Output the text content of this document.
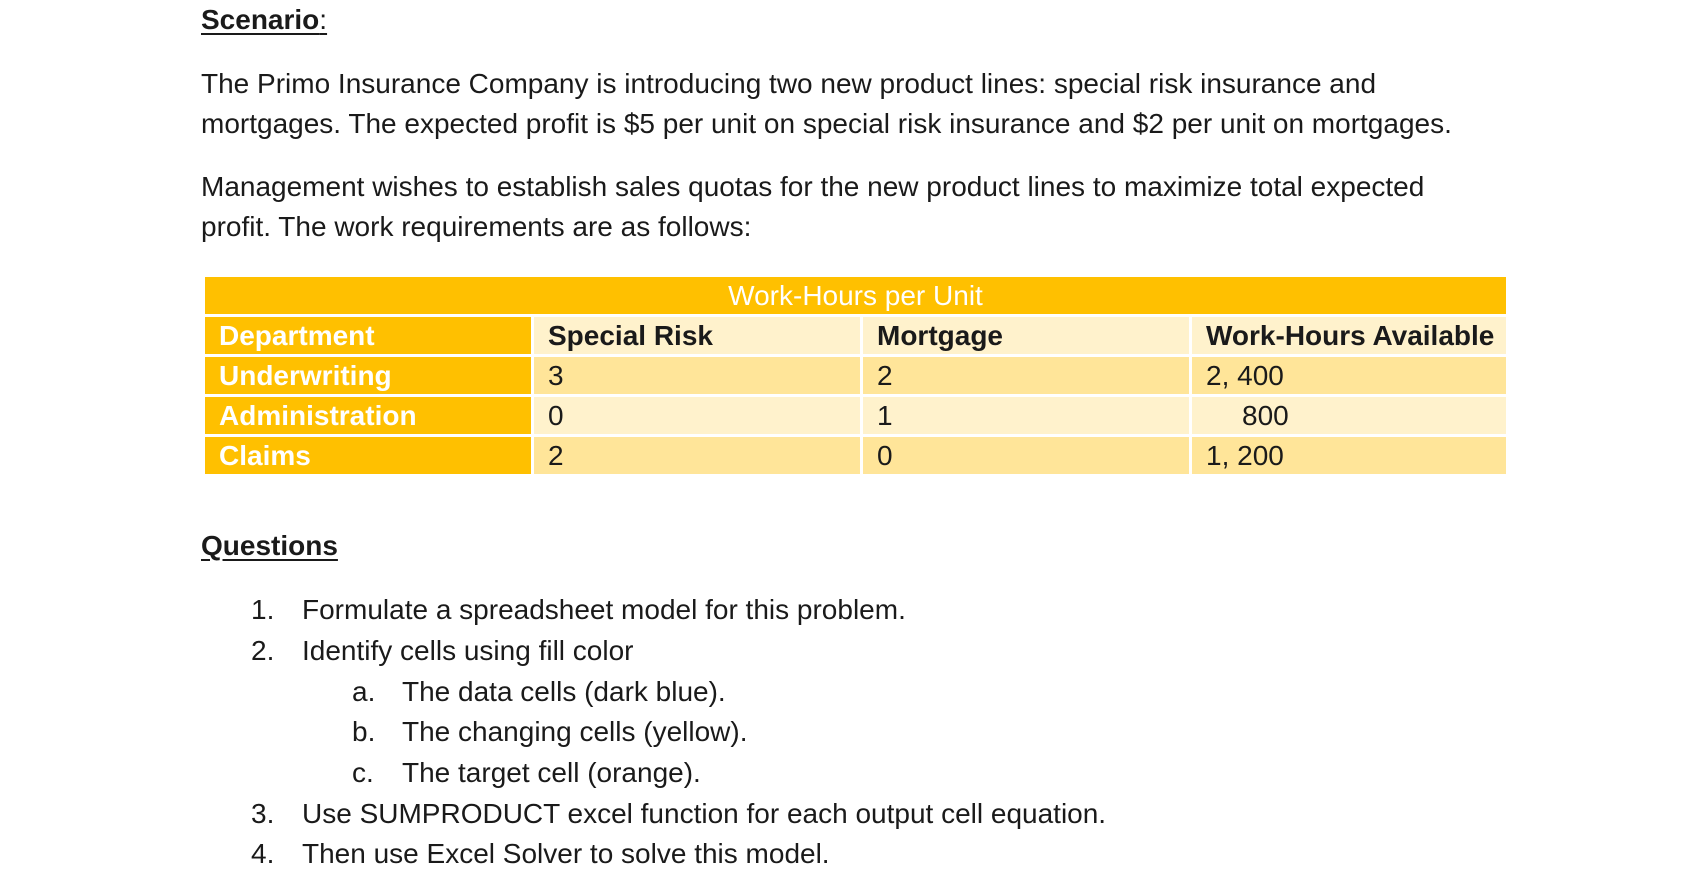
Scenario:

The Primo Insurance Company is introducing two new product lines: special risk insurance and
mortgages. The expected profit is $5 per unit on special risk insurance and $2 per unit on mortgages.

Management wishes to establish sales quotas for the new product lines to maximize total expected
profit. The work requirements are as follows:

Work-Hours per Unit			
Department	Special Risk	Mortgage	Work-Hours Available
Underwriting	3	2	2, 400
Administration	0	1	800
Claims	2	0	1, 200
Questions
1. Formulate a spreadsheet model for this problem.
2. Identify cells using fill color
a. The data cells (dark blue).
b. The changing cells (yellow).
c. The target cell (orange).
3. Use SUMPRODUCT excel function for each output cell equation.
4. Then use Excel Solver to solve this model.
